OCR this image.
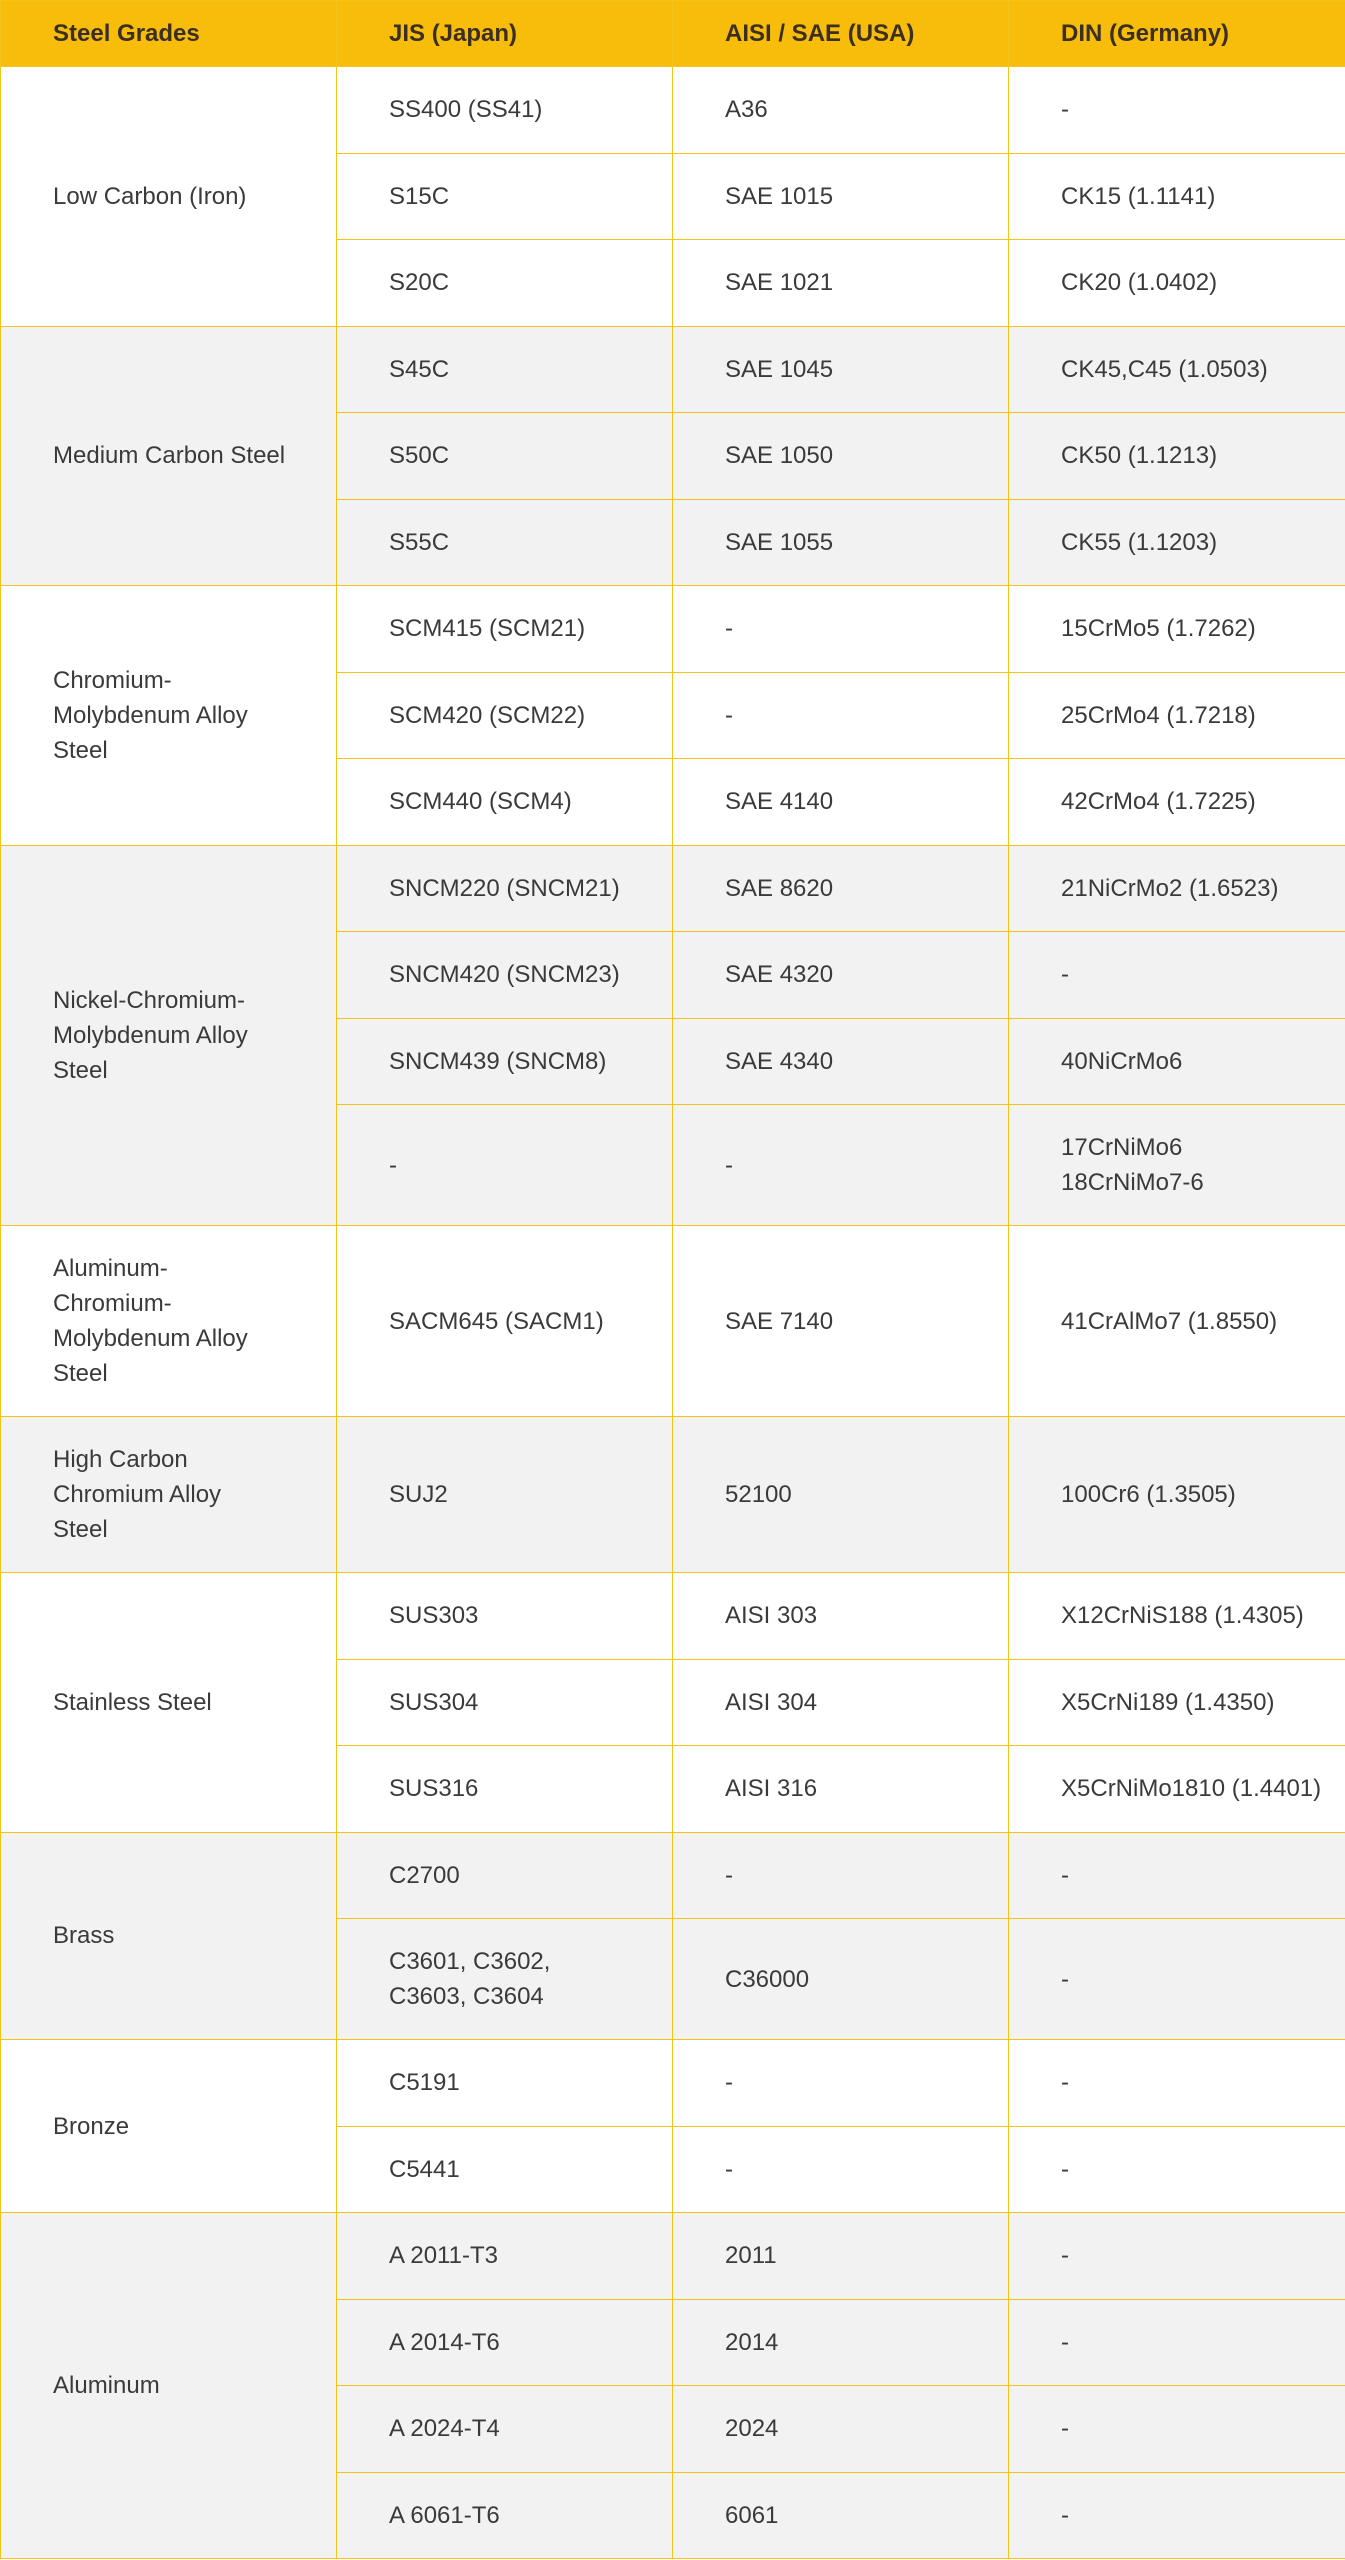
Steel Grades	JIS (Japan)	AISI / SAE (USA)	DIN (Germany)
Low Carbon (Iron)	SS400 (SS41)	A36	-
	S15C	SAE 1015	CK15 (1.1141)
	S20C	SAE 1021	CK20 (1.0402)
Medium Carbon Steel	S45C	SAE 1045	CK45,C45 (1.0503)
	S50C	SAE 1050	CK50 (1.1213)
	S55C	SAE 1055	CK55 (1.1203)
Chromium-Molybdenum Alloy Steel	SCM415 (SCM21)	-	15CrMo5 (1.7262)
	SCM420 (SCM22)	-	25CrMo4 (1.7218)
	SCM440 (SCM4)	SAE 4140	42CrMo4 (1.7225)
Nickel-Chromium-Molybdenum Alloy Steel	SNCM220 (SNCM21)	SAE 8620	21NiCrMo2 (1.6523)
	SNCM420 (SNCM23)	SAE 4320	-
	SNCM439 (SNCM8)	SAE 4340	40NiCrMo6
	-	-	17CrNiMo6 18CrNiMo7-6
Aluminum-Chromium-Molybdenum Alloy Steel	SACM645 (SACM1)	SAE 7140	41CrAlMo7 (1.8550)
High Carbon Chromium Alloy Steel	SUJ2	52100	100Cr6 (1.3505)
Stainless Steel	SUS303	AISI 303	X12CrNiS188 (1.4305)
	SUS304	AISI 304	X5CrNi189 (1.4350)
	SUS316	AISI 316	X5CrNiMo1810 (1.4401)
Brass	C2700	-	-
	C3601, C3602, C3603, C3604	C36000	-
Bronze	C5191	-	-
	C5441	-	-
Aluminum	A 2011-T3	2011	-
	A 2014-T6	2014	-
	A 2024-T4	2024	-
	A 6061-T6	6061	-
